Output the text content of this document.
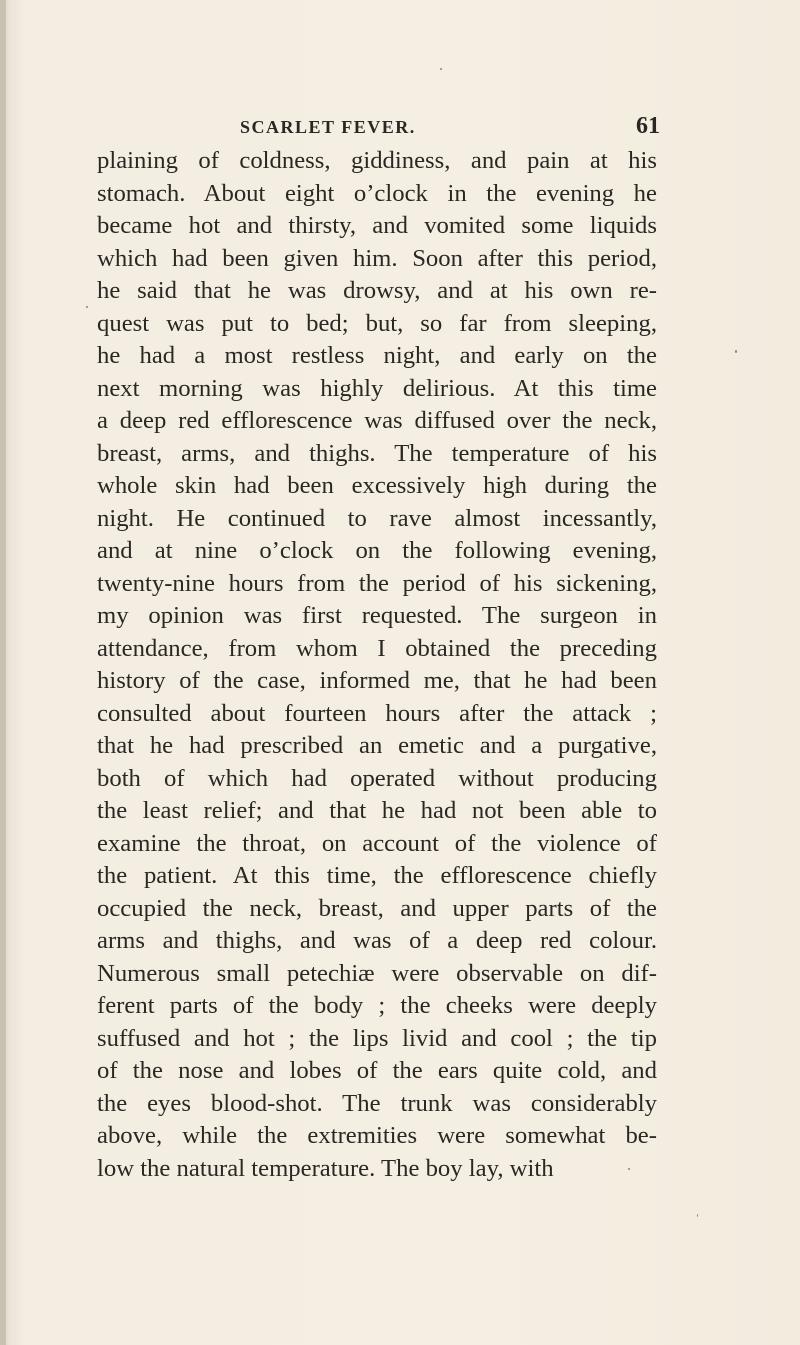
SCARLET FEVER.	61
plaining of coldness, giddiness, and pain at his
stomach. About eight o’clock in the evening he
became hot and thirsty, and vomited some liquids
which had been given him. Soon after this period,
he said that he was drowsy, and at his own re-
quest was put to bed; but, so far from sleeping,
he had a most restless night, and early on the
next morning was highly delirious. At this time
a deep red efflorescence was diffused over the neck,
breast, arms, and thighs. The temperature of his
whole skin had been excessively high during the
night. He continued to rave almost incessantly,
and at nine o’clock on the following evening,
twenty-nine hours from the period of his sickening,
my opinion was first requested. The surgeon in
attendance, from whom I obtained the preceding
history of the case, informed me, that he had been
consulted about fourteen hours after the attack ;
that he had prescribed an emetic and a purgative,
both of which had operated without producing
the least relief; and that he had not been able to
examine the throat, on account of the violence of
the patient. At this time, the efflorescence chiefly
occupied the neck, breast, and upper parts of the
arms and thighs, and was of a deep red colour.
Numerous small petechiæ were observable on dif-
ferent parts of the body ; the cheeks were deeply
suffused and hot ; the lips livid and cool ; the tip
of the nose and lobes of the ears quite cold, and
the eyes blood-shot. The trunk was considerably
above, while the extremities were somewhat be-
low the natural temperature. The boy lay, with
